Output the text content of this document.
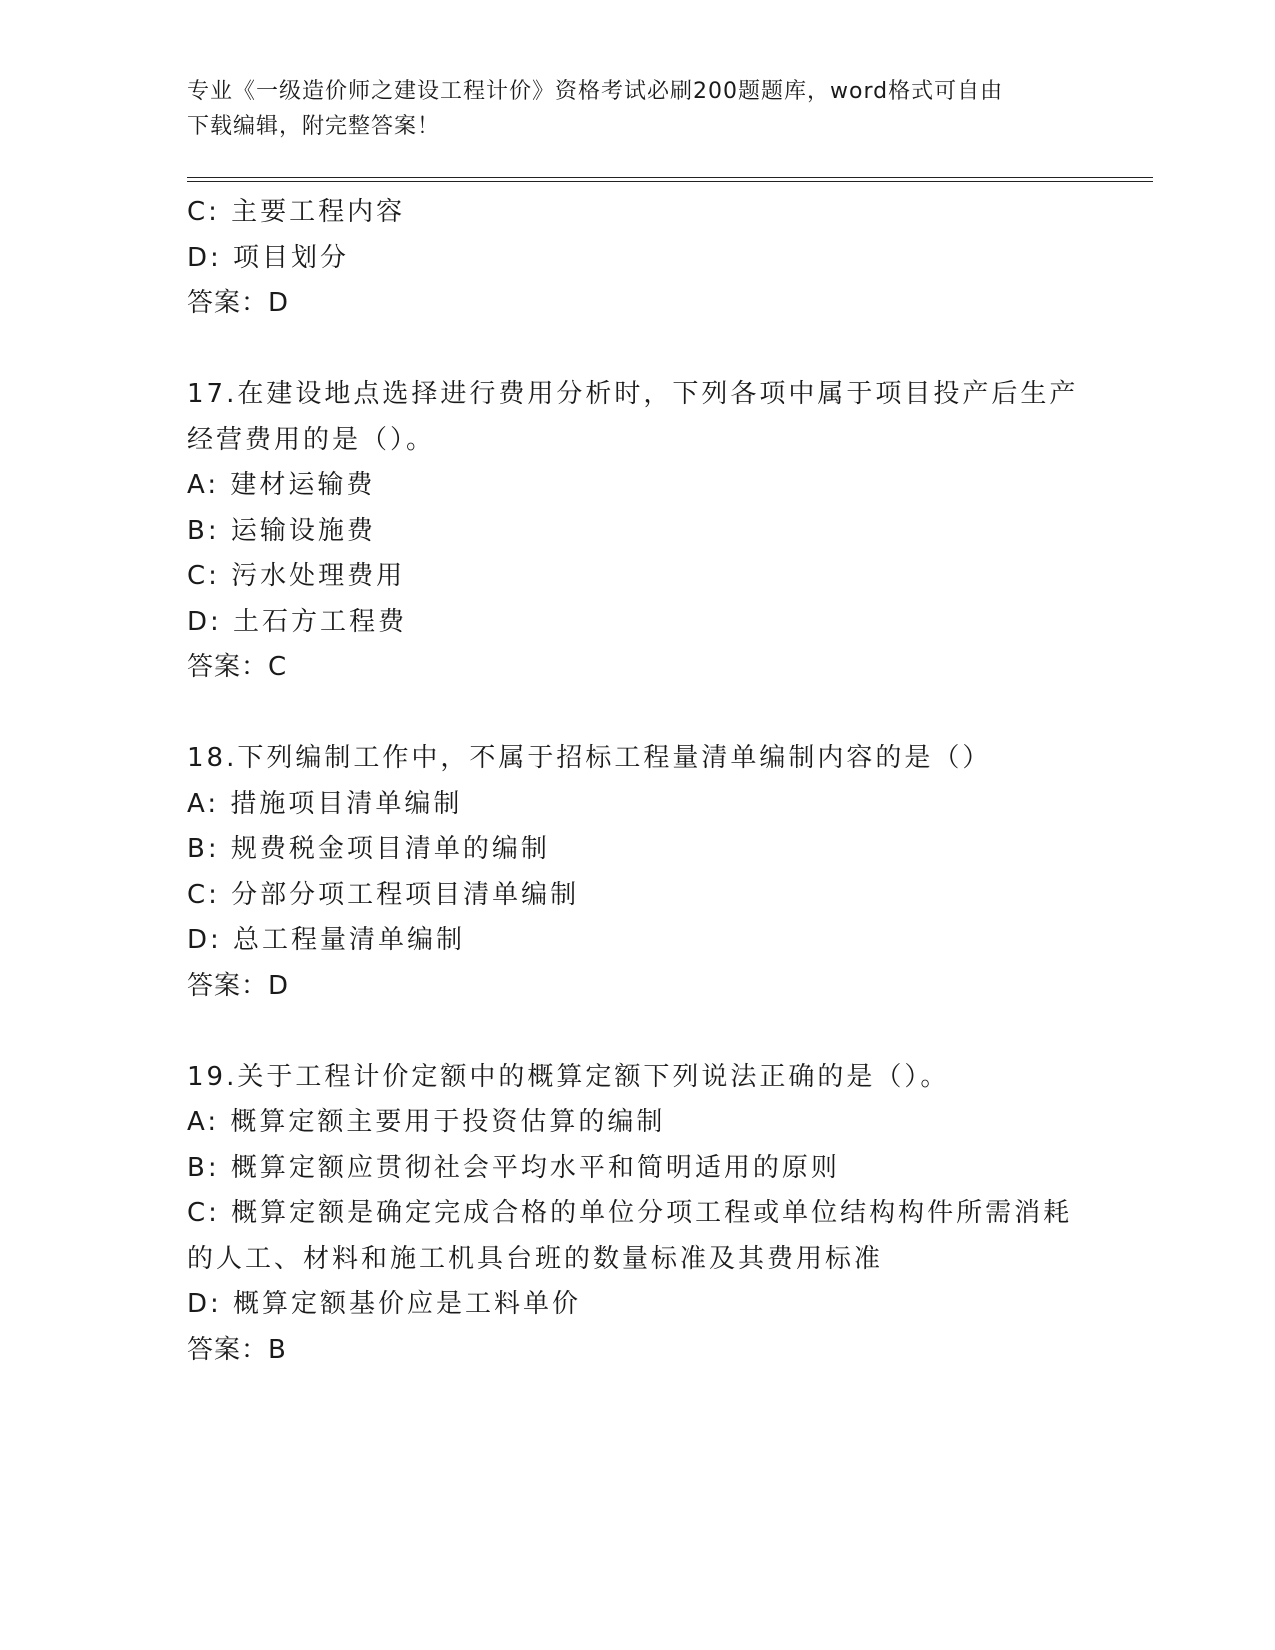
专业《一级造价师之建设工程计价》资格考试必刷200题题库，word格式可自由
下载编辑，附完整答案！
C: 主要工程内容
D: 项目划分
答案：D
17.在建设地点选择进行费用分析时，下列各项中属于项目投产后生产
经营费用的是（）。
A: 建材运输费
B: 运输设施费
C: 污水处理费用
D: 土石方工程费
答案：C
18.下列编制工作中，不属于招标工程量清单编制内容的是（）
A: 措施项目清单编制
B: 规费税金项目清单的编制
C: 分部分项工程项目清单编制
D: 总工程量清单编制
答案：D
19.关于工程计价定额中的概算定额下列说法正确的是（）。
A: 概算定额主要用于投资估算的编制
B: 概算定额应贯彻社会平均水平和简明适用的原则
C: 概算定额是确定完成合格的单位分项工程或单位结构构件所需消耗
的人工、材料和施工机具台班的数量标准及其费用标准
D: 概算定额基价应是工料单价
答案：B
